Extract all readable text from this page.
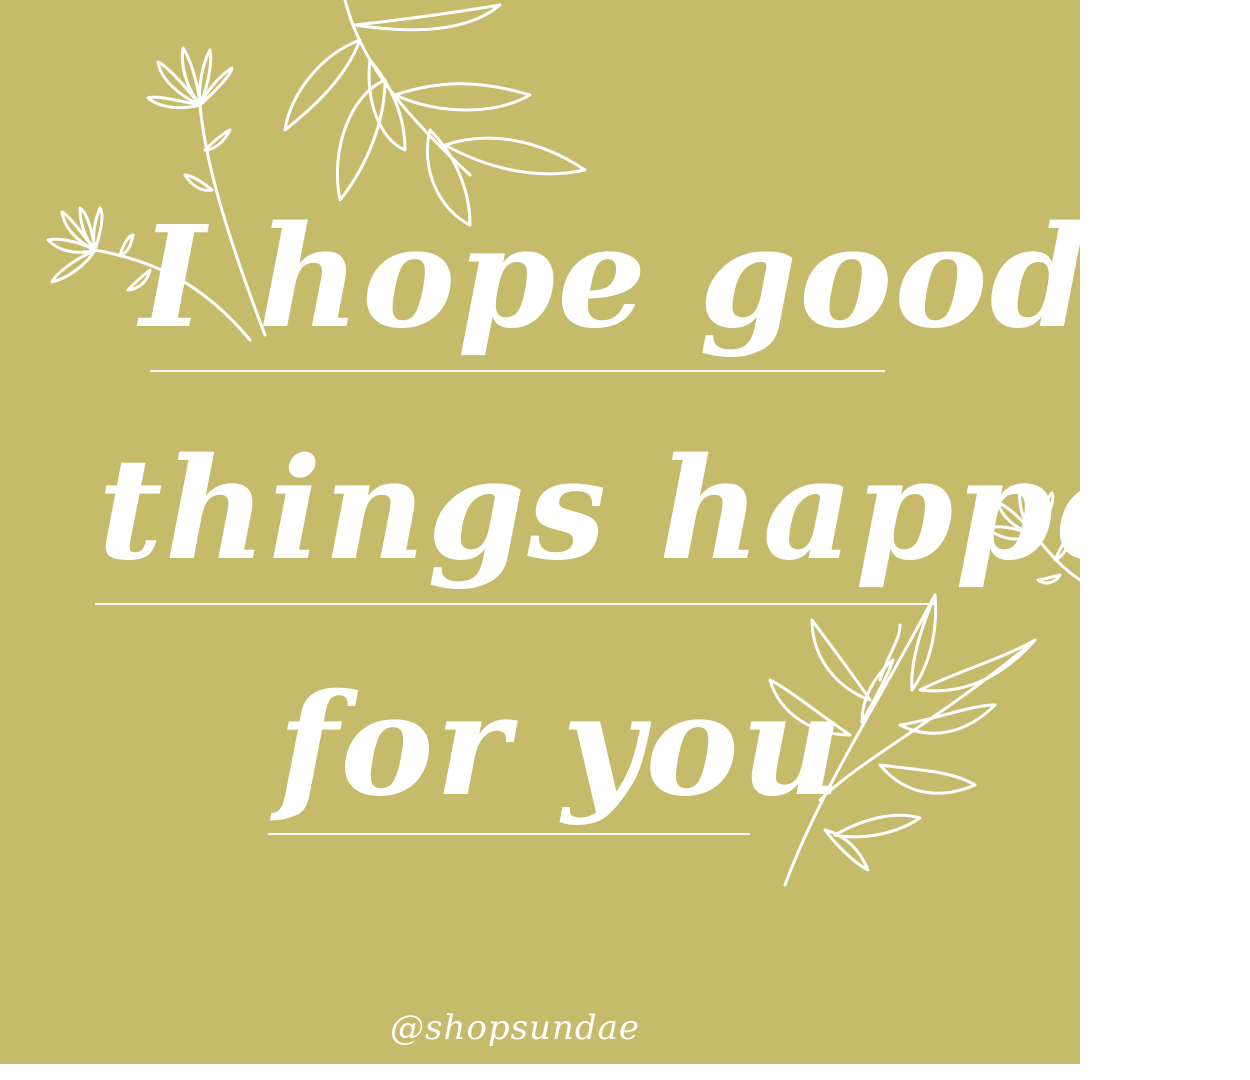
I hope good
things happen
for you
@shopsundae
